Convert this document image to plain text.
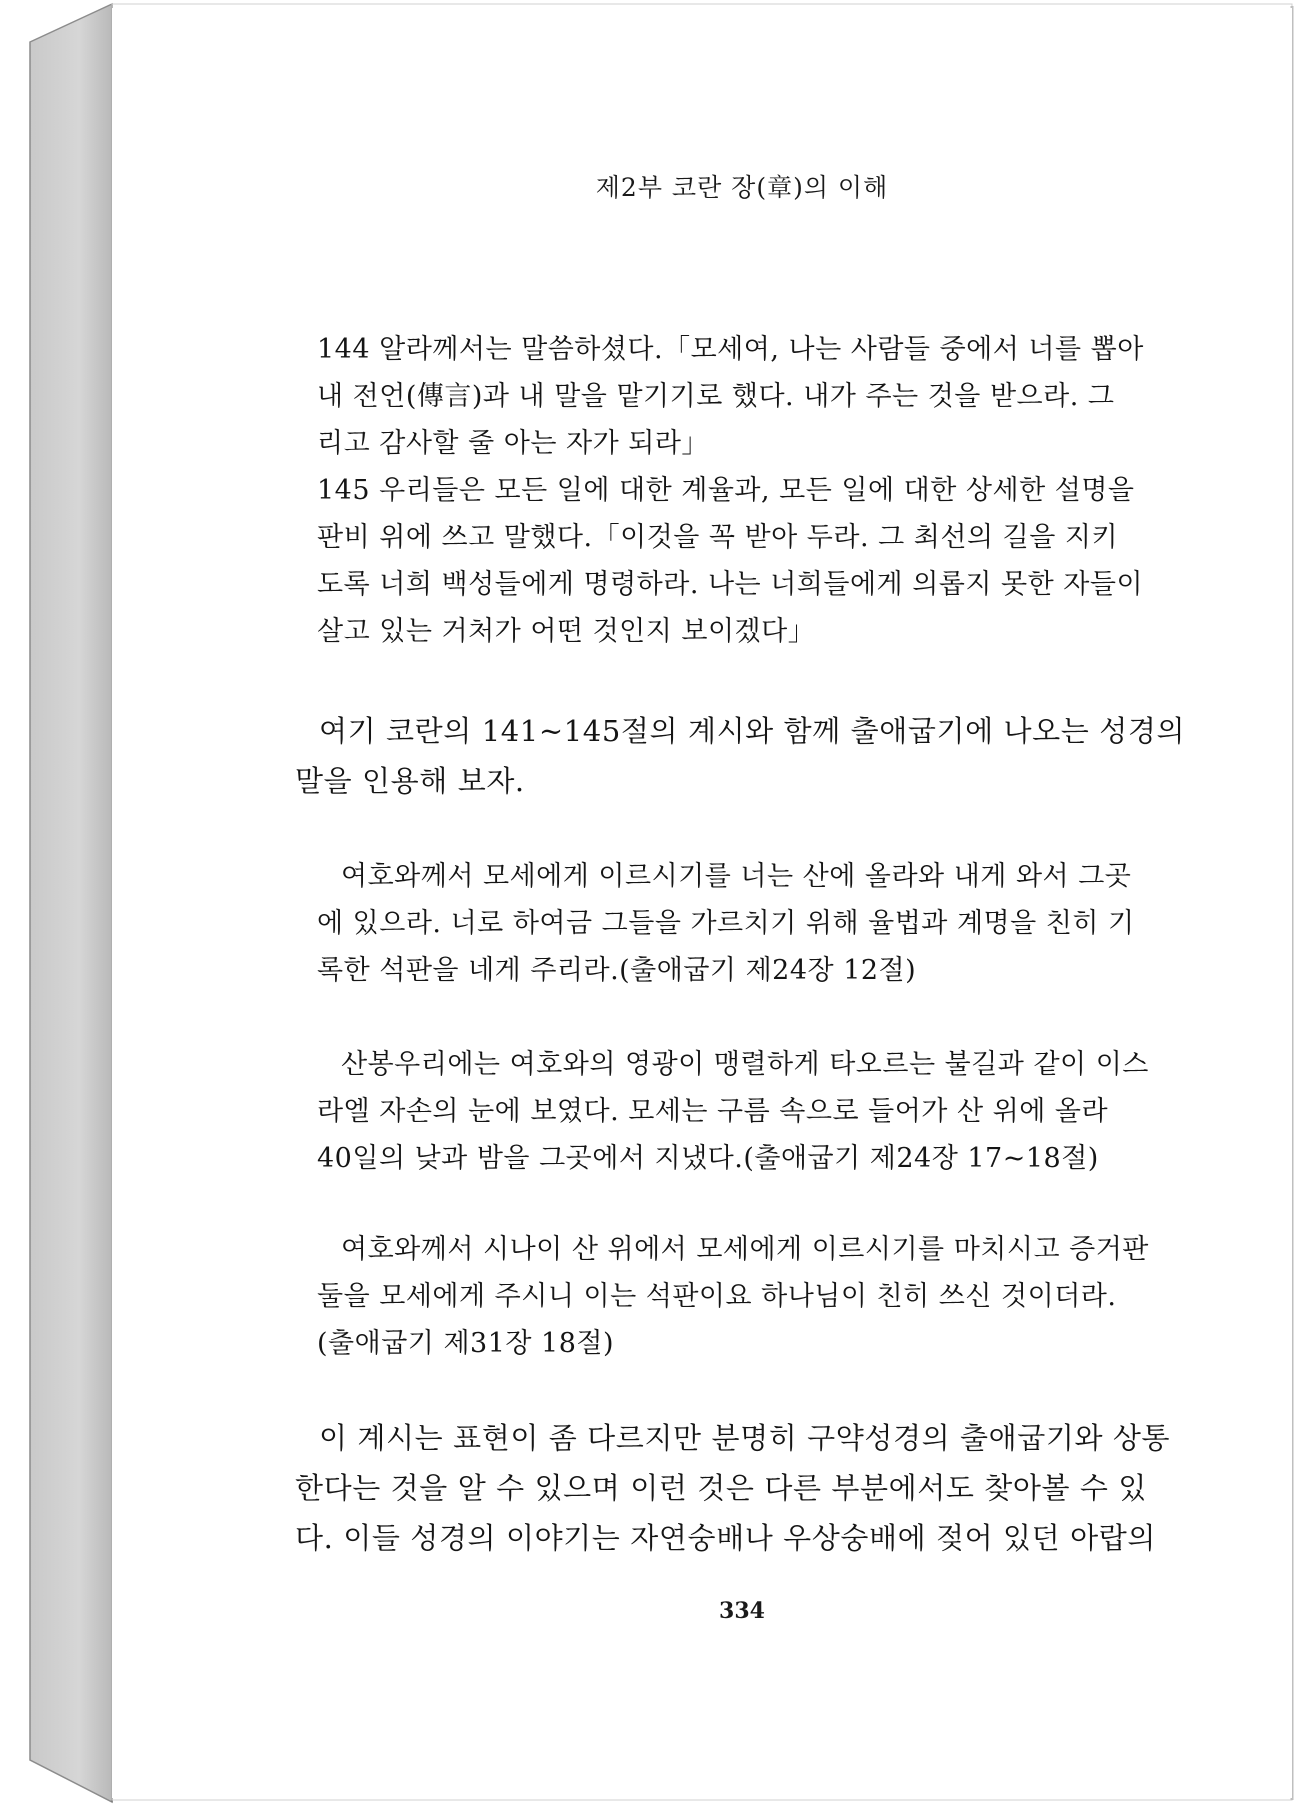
제2부 코란 장(章)의 이해
144 알라께서는 말씀하셨다.「모세여, 나는 사람들 중에서 너를 뽑아
내 전언(傳言)과 내 말을 맡기기로 했다. 내가 주는 것을 받으라. 그
리고 감사할 줄 아는 자가 되라」
145 우리들은 모든 일에 대한 계율과, 모든 일에 대한 상세한 설명을
판비 위에 쓰고 말했다.「이것을 꼭 받아 두라. 그 최선의 길을 지키
도록 너희 백성들에게 명령하라. 나는 너희들에게 의롭지 못한 자들이
살고 있는 거처가 어떤 것인지 보이겠다」
여기 코란의 141~145절의 계시와 함께 출애굽기에 나오는 성경의
말을 인용해 보자.
여호와께서 모세에게 이르시기를 너는 산에 올라와 내게 와서 그곳
에 있으라. 너로 하여금 그들을 가르치기 위해 율법과 계명을 친히 기
록한 석판을 네게 주리라.(출애굽기 제24장 12절)
산봉우리에는 여호와의 영광이 맹렬하게 타오르는 불길과 같이 이스
라엘 자손의 눈에 보였다. 모세는 구름 속으로 들어가 산 위에 올라
40일의 낮과 밤을 그곳에서 지냈다.(출애굽기 제24장 17~18절)
여호와께서 시나이 산 위에서 모세에게 이르시기를 마치시고 증거판
둘을 모세에게 주시니 이는 석판이요 하나님이 친히 쓰신 것이더라.
(출애굽기 제31장 18절)
이 계시는 표현이 좀 다르지만 분명히 구약성경의 출애굽기와 상통
한다는 것을 알 수 있으며 이런 것은 다른 부분에서도 찾아볼 수 있
다. 이들 성경의 이야기는 자연숭배나 우상숭배에 젖어 있던 아랍의
334
